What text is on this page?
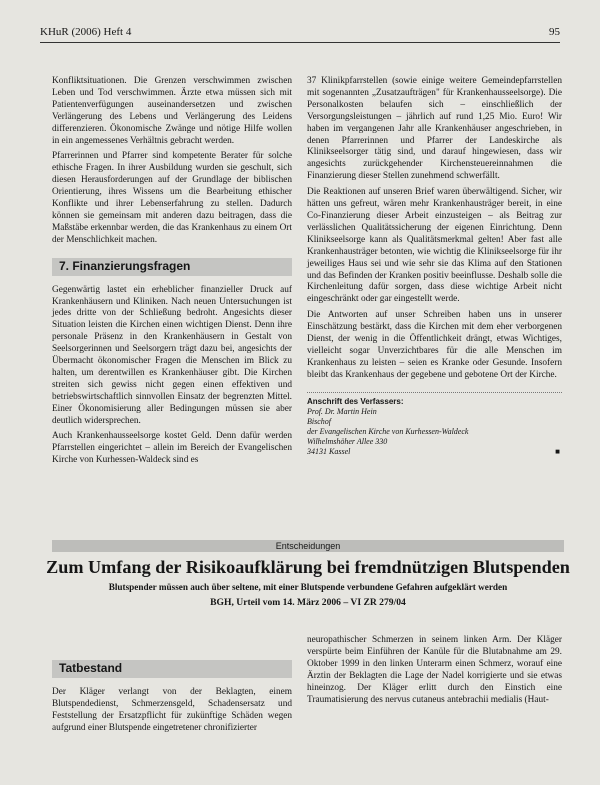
KHuR (2006) Heft 4	95

Konfliktsituationen. Die Grenzen verschwimmen zwischen Leben und Tod verschwimmen. Ärzte etwa müssen sich mit Patientenverfügungen auseinandersetzen und zwischen Verlängerung des Lebens und Verlängerung des Leidens differenzieren. Ökonomische Zwänge und nötige Hilfe wollen in ein angemessenes Verhältnis gebracht werden.

Pfarrerinnen und Pfarrer sind kompetente Berater für solche ethische Fragen. In ihrer Ausbildung wurden sie geschult, sich diesen Herausforderungen auf der Grundlage der biblischen Orientierung, ihres Wissens um die Bearbeitung ethischer Konflikte und ihrer Lebenserfahrung zu stellen. Dadurch können sie gemeinsam mit anderen dazu beitragen, dass die Maßstäbe erkennbar werden, die das Krankenhaus zu einem Ort der Menschlichkeit machen.

7. Finanzierungsfragen

Gegenwärtig lastet ein erheblicher finanzieller Druck auf Krankenhäusern und Kliniken. Nach neuen Untersuchungen ist jedes dritte von der Schließung bedroht. Angesichts dieser Situation leisten die Kirchen einen wichtigen Dienst. Denn ihre personale Präsenz in den Krankenhäusern in Gestalt von Seelsorgerinnen und Seelsorgern trägt dazu bei, angesichts der Übermacht ökonomischer Fragen die Menschen im Blick zu halten, um derentwillen es Krankenhäuser gibt. Die Kirchen streiten sich gewiss nicht gegen einen effektiven und betriebswirtschaftlich sinnvollen Einsatz der begrenzten Mittel. Einer Ökonomisierung aller Bedingungen müssen sie aber deutlich widersprechen.

Auch Krankenhausseelsorge kostet Geld. Denn dafür werden Pfarrstellen eingerichtet – allein im Bereich der Evangelischen Kirche von Kurhessen-Waldeck sind es

37 Klinikpfarrstellen (sowie einige weitere Gemeindepfarrstellen mit sogenannten „Zusatzaufträgen" für Krankenhausseelsorge). Die Personalkosten belaufen sich – einschließlich der Versorgungsleistungen – jährlich auf rund 1,25 Mio. Euro! Wir haben im vergangenen Jahr alle Krankenhäuser angeschrieben, in denen Pfarrerinnen und Pfarrer der Landeskirche als Klinikseelsorger tätig sind, und darauf hingewiesen, dass wir angesichts zurückgehender Kirchensteuereinnahmen die Finanzierung dieser Stellen zunehmend schwerfällt.

Die Reaktionen auf unseren Brief waren überwältigend. Sicher, wir hätten uns gefreut, wären mehr Krankenhausträger bereit, in eine Co-Finanzierung dieser Arbeit einzusteigen – als Beitrag zur verlässlichen Qualitätssicherung der eigenen Einrichtung. Denn Klinikseelsorge kann als Qualitätsmerkmal gelten! Aber fast alle Krankenhausträger betonten, wie wichtig die Klinikseelsorge für ihr jeweiliges Haus sei und wie sehr sie das Klima auf den Stationen und das Befinden der Kranken positiv beeinflusse. Deshalb solle die Kirchenleitung dafür sorgen, dass diese wichtige Arbeit nicht eingeschränkt oder gar eingestellt werde.

Die Antworten auf unser Schreiben haben uns in unserer Einschätzung bestärkt, dass die Kirchen mit dem eher verborgenen Dienst, der wenig in die Öffentlichkeit drängt, etwas Wichtiges, vielleicht sogar Unverzichtbares für die alle Menschen im Krankenhaus zu leisten – seien es Kranke oder Gesunde. Insofern bleibt das Krankenhaus der gegebene und gebotene Ort der Kirche.

Anschrift des Verfassers:
Prof. Dr. Martin Hein
Bischof
der Evangelischen Kirche von Kurhessen-Waldeck
Wilhelmshöher Allee 330
34131 Kassel	■
Entscheidungen
Zum Umfang der Risikoaufklärung bei fremdnützigen Blutspenden
Blutspender müssen auch über seltene, mit einer Blutspende verbundene Gefahren aufgeklärt werden
BGH, Urteil vom 14. März 2006 – VI ZR 279/04
Tatbestand

Der Kläger verlangt von der Beklagten, einem Blutspendedienst, Schmerzensgeld, Schadensersatz und Feststellung der Ersatzpflicht für zukünftige Schäden wegen aufgrund einer Blutspende eingetretener chronifizierter

neuropathischer Schmerzen in seinem linken Arm. Der Kläger verspürte beim Einführen der Kanüle für die Blutabnahme am 29. Oktober 1999 in den linken Unterarm einen Schmerz, worauf eine Ärztin der Beklagten die Lage der Nadel korrigierte und sie etwas hineinzog. Der Kläger erlitt durch den Einstich eine Traumatisierung des nervus cutaneus antebrachii medialis (Haut-
